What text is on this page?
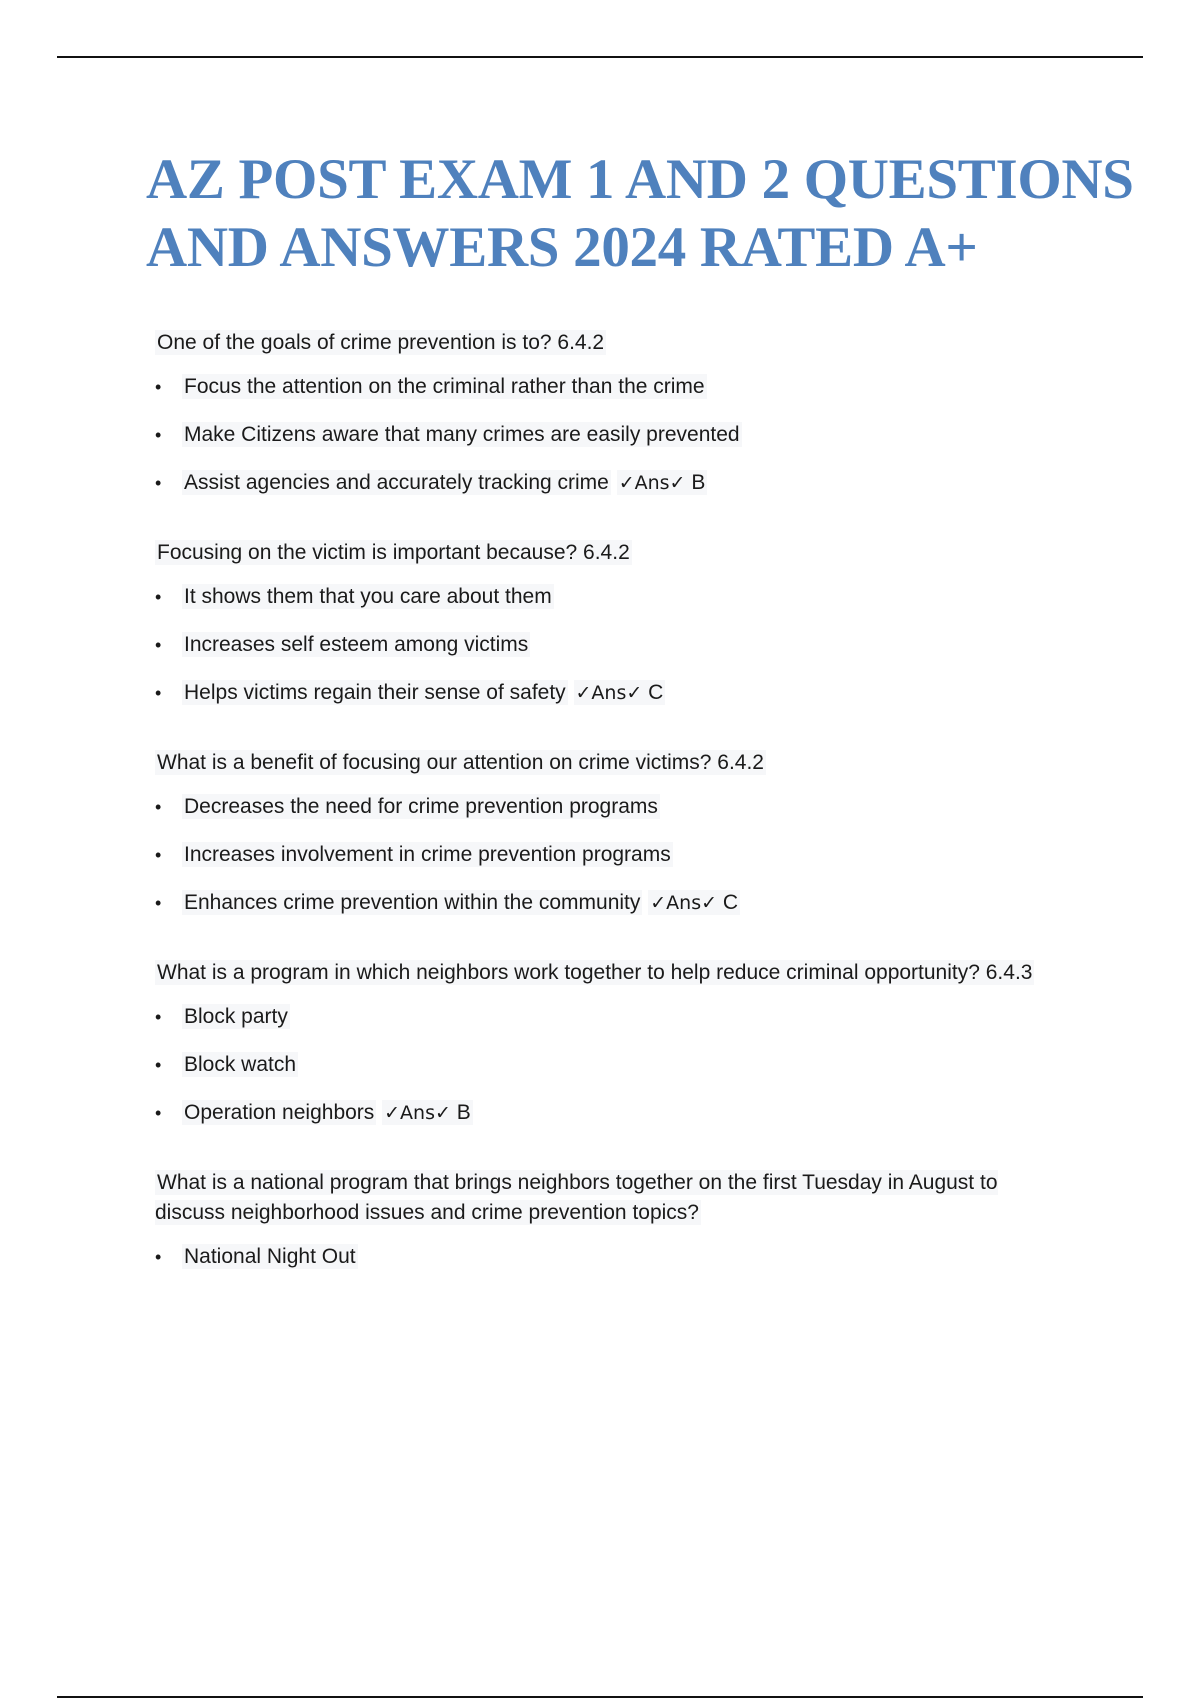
AZ POST EXAM 1 AND 2 QUESTIONS AND ANSWERS 2024 RATED A+
One of the goals of crime prevention is to? 6.4.2
• Focus the attention on the criminal rather than the crime
• Make Citizens aware that many crimes are easily prevented
• Assist agencies and accurately tracking crime ✓Ans✓ B
Focusing on the victim is important because? 6.4.2
• It shows them that you care about them
• Increases self esteem among victims
• Helps victims regain their sense of safety ✓Ans✓ C
What is a benefit of focusing our attention on crime victims? 6.4.2
• Decreases the need for crime prevention programs
• Increases involvement in crime prevention programs
• Enhances crime prevention within the community ✓Ans✓ C
What is a program in which neighbors work together to help reduce criminal opportunity? 6.4.3
• Block party
• Block watch
• Operation neighbors ✓Ans✓ B
What is a national program that brings neighbors together on the first Tuesday in August to discuss neighborhood issues and crime prevention topics?
• National Night Out
